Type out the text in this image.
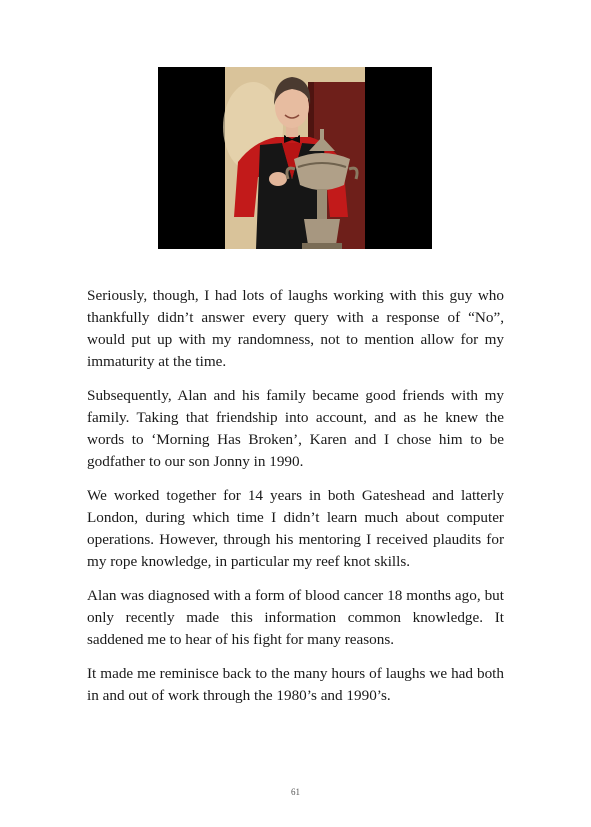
Seriously, though, I had lots of laughs working with this guy who thankfully didn’t answer every query with a response of “No”, would put up with my randomness, not to mention allow for my immaturity at the time.

Subsequently, Alan and his family became good friends with my family. Taking that friendship into account, and as he knew the words to ‘Morning Has Broken’, Karen and I chose him to be godfather to our son Jonny in 1990.

We worked together for 14 years in both Gateshead and latterly London, during which time I didn’t learn much about computer operations. However, through his mentoring I received plaudits for my rope knowledge, in particular my reef knot skills.

Alan was diagnosed with a form of blood cancer 18 months ago, but only recently made this information common knowledge. It saddened me to hear of his fight for many reasons.

It made me reminisce back to the many hours of laughs we had both in and out of work through the 1980’s and 1990’s.

61
